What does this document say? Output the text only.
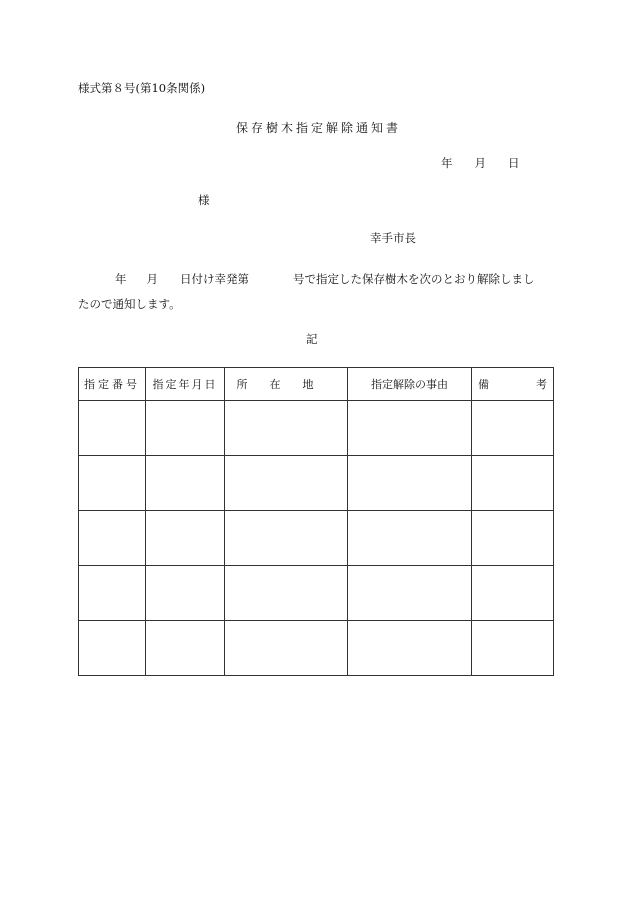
様式第８号(第10条関係)
保存樹木指定解除通知書
年 月 日
様
幸手市長
年 月 日付け幸発第	号で指定した保存樹木を次のとおり解除しまし
たので通知します。
記
指定番号	指定年月日	所在地	指定解除の事由	備 考
